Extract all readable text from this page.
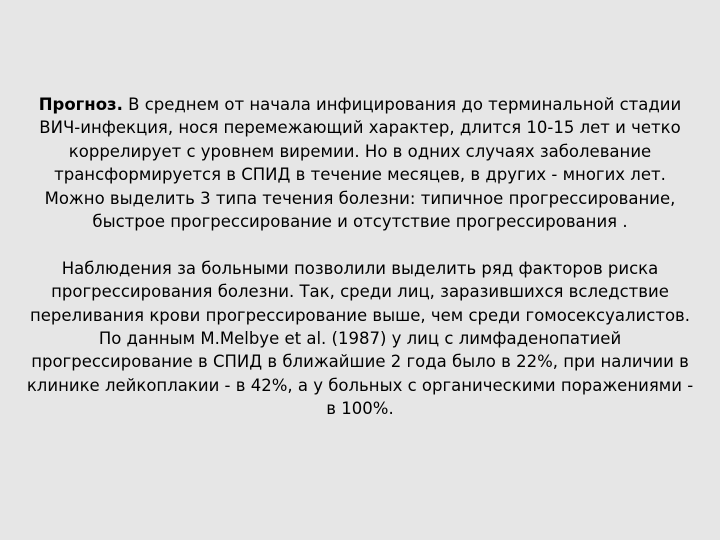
Прогноз. В среднем от начала инфицирования до терминальной стадии ВИЧ-инфекция, нося перемежающий характер, длится 10-15 лет и четко коррелирует с уровнем виремии. Но в одних случаях заболевание трансформируется в СПИД в течение месяцев, в других - многих лет. Можно выделить 3 типа течения болезни: типичное прогрессирование, быстрое прогрессирование и отсутствие прогрессирования .

Наблюдения за больными позволили выделить ряд факторов риска прогрессирования болезни. Так, среди лиц, заразившихся вследствие переливания крови прогрессирование выше, чем среди гомосексуалистов. По данным M.Melbye et al. (1987) у лиц с лимфаденопатией прогрессирование в СПИД в ближайшие 2 года было в 22%, при наличии в клинике лейкоплакии - в 42%, а у больных с органическими поражениями - в 100%.
